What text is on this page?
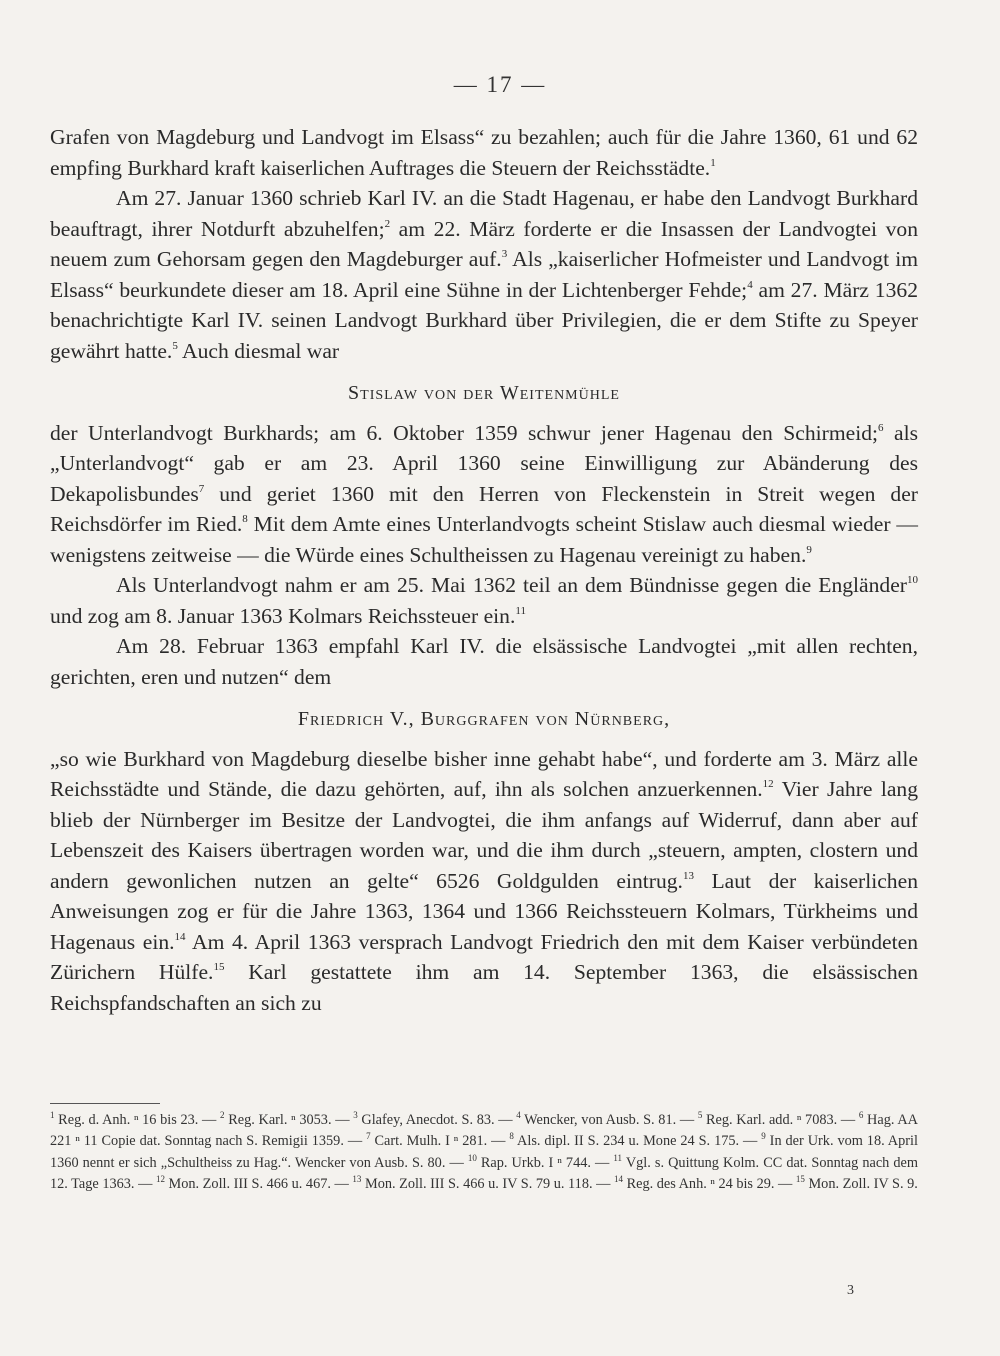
— 17 —

Grafen von Magdeburg und Landvogt im Elsass“ zu bezahlen; auch für die Jahre 1360, 61 und 62 empfing Burkhard kraft kaiserlichen Auftrages die Steuern der Reichsstädte.$^1$

Am 27. Januar 1360 schrieb Karl IV. an die Stadt Hagenau, er habe den Landvogt Burkhard beauftragt, ihrer Notdurft abzuhelfen;$^2$ am 22. März forderte er die Insassen der Landvogtei von neuem zum Gehorsam gegen den Magdeburger auf.$^3$ Als „kaiserlicher Hofmeister und Landvogt im Elsass“ beurkundete dieser am 18. April eine Sühne in der Lichtenberger Fehde;$^4$ am 27. März 1362 benachrichtigte Karl IV. seinen Landvogt Burkhard über Privilegien, die er dem Stifte zu Speyer gewährt hatte.$^5$ Auch diesmal war

Stislaw von der Weitenmühle

der Unterlandvogt Burkhards; am 6. Oktober 1359 schwur jener Hagenau den Schirmeid;$^6$ als „Unterlandvogt“ gab er am 23. April 1360 seine Einwilligung zur Abänderung des Dekapolisbundes$^7$ und geriet 1360 mit den Herren von Fleckenstein in Streit wegen der Reichsdörfer im Ried.$^8$ Mit dem Amte eines Unterlandvogts scheint Stislaw auch diesmal wieder — wenigstens zeitweise — die Würde eines Schultheissen zu Hagenau vereinigt zu haben.$^9$

Als Unterlandvogt nahm er am 25. Mai 1362 teil an dem Bündnisse gegen die Engländer$^{10}$ und zog am 8. Januar 1363 Kolmars Reichssteuer ein.$^{11}$

Am 28. Februar 1363 empfahl Karl IV. die elsässische Landvogtei „mit allen rechten, gerichten, eren und nutzen“ dem

Friedrich V., Burggrafen von Nürnberg,

„so wie Burkhard von Magdeburg dieselbe bisher inne gehabt habe“, und forderte am 3. März alle Reichsstädte und Stände, die dazu gehörten, auf, ihn als solchen anzuerkennen.$^{12}$ Vier Jahre lang blieb der Nürnberger im Besitze der Landvogtei, die ihm anfangs auf Widerruf, dann aber auf Lebenszeit des Kaisers übertragen worden war, und die ihm durch „steuern, ampten, clostern und andern gewonlichen nutzen an gelte“ 6526 Goldgulden eintrug.$^{13}$ Laut der kaiserlichen Anweisungen zog er für die Jahre 1363, 1364 und 1366 Reichssteuern Kolmars, Türkheims und Hagenaus ein.$^{14}$ Am 4. April 1363 versprach Landvogt Friedrich den mit dem Kaiser verbündeten Zürichern Hülfe.$^{15}$ Karl gestattete ihm am 14. September 1363, die elsässischen Reichspfandschaften an sich zu

$^1$ Reg. d. Anh. ⁿ 16 bis 23. — $^2$ Reg. Karl. ⁿ 3053. — $^3$ Glafey, Anecdot. S. 83. — $^4$ Wencker, von Ausb. S. 81. — $^5$ Reg. Karl. add. ⁿ 7083. — $^6$ Hag. AA 221 ⁿ 11 Copie dat. Sonntag nach S. Remigii 1359. — $^7$ Cart. Mulh. I ⁿ 281. — $^8$ Als. dipl. II S. 234 u. Mone 24 S. 175. — $^9$ In der Urk. vom 18. April 1360 nennt er sich „Schultheiss zu Hag.“. Wencker von Ausb. S. 80. — $^{10}$ Rap. Urkb. I ⁿ 744. — $^{11}$ Vgl. s. Quittung Kolm. CC dat. Sonntag nach dem 12. Tage 1363. — $^{12}$ Mon. Zoll. III S. 466 u. 467. — $^{13}$ Mon. Zoll. III S. 466 u. IV S. 79 u. 118. — $^{14}$ Reg. des Anh. ⁿ 24 bis 29. — $^{15}$ Mon. Zoll. IV S. 9.
3
